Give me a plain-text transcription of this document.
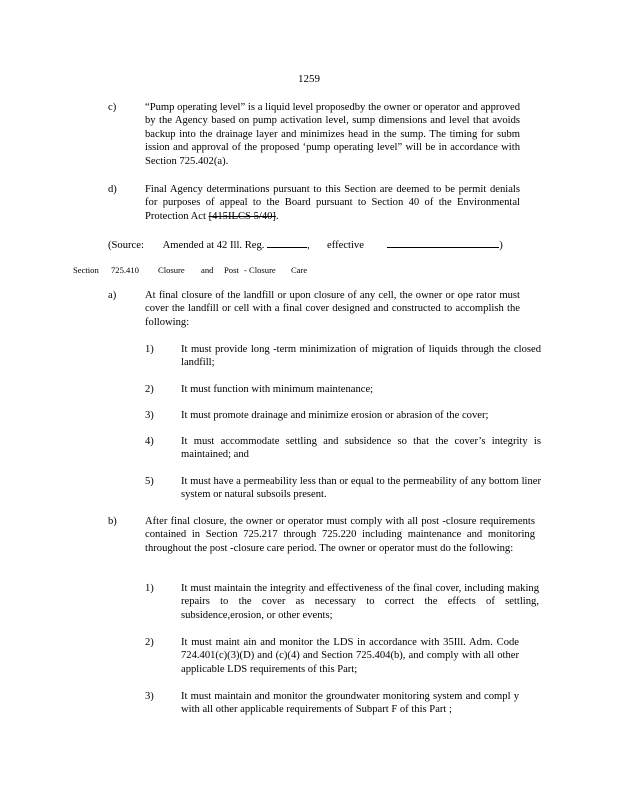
1259
c)	“Pump operating level” is a liquid level proposedby the owner or operator and approved by the Agency based on pump activation level, sump dimensions and level that avoids backup into the drainage layer and minimizes head in the sump. The timing for subm ission and approval of the proposed ‘pump operating level” will be in accordance with Section 725.402(a).
d)	Final Agency determinations pursuant to this Section are deemed to be permit denials for purposes of appeal to the Board pursuant to Section 40 of the Environmental Protection Act [415ILCS 5/40].
(Source: Amended at 42 Ill. Reg.	, effective	)
Section 725.410 Closure and Post - Closure Care
a)	At final closure of the landfill or upon closure of any cell, the owner or ope rator must cover the landfill or cell with a final cover designed and constructed to accomplish the following:
1)	It must provide long -term minimization of migration of liquids through the closed landfill;
2)	It must function with minimum maintenance;
3)	It must promote drainage and minimize erosion or abrasion of the cover;
4)	It must accommodate settling and subsidence so that the cover’s integrity is maintained; and
5)	It must have a permeability less than or equal to the permeability of any bottom liner system or natural subsoils present.
b)	After final closure, the owner or operator must comply with all post -closure requirements contained in Section 725.217 through 725.220 including maintenance and monitoring throughout the post -closure care period. The owner or operator must do the following:
1)	It must maintain the integrity and effectiveness of the final cover, including making repairs to the cover as necessary to correct the effects of settling, subsidence,erosion, or other events;
2)	It must maint ain and monitor the LDS in accordance with 35Ill. Adm. Code 724.401(c)(3)(D) and (c)(4) and Section 725.404(b), and comply with all other applicable LDS requirements of this Part;
3)	It must maintain and monitor the groundwater monitoring system and compl y with all other applicable requirements of Subpart F of this Part ;
